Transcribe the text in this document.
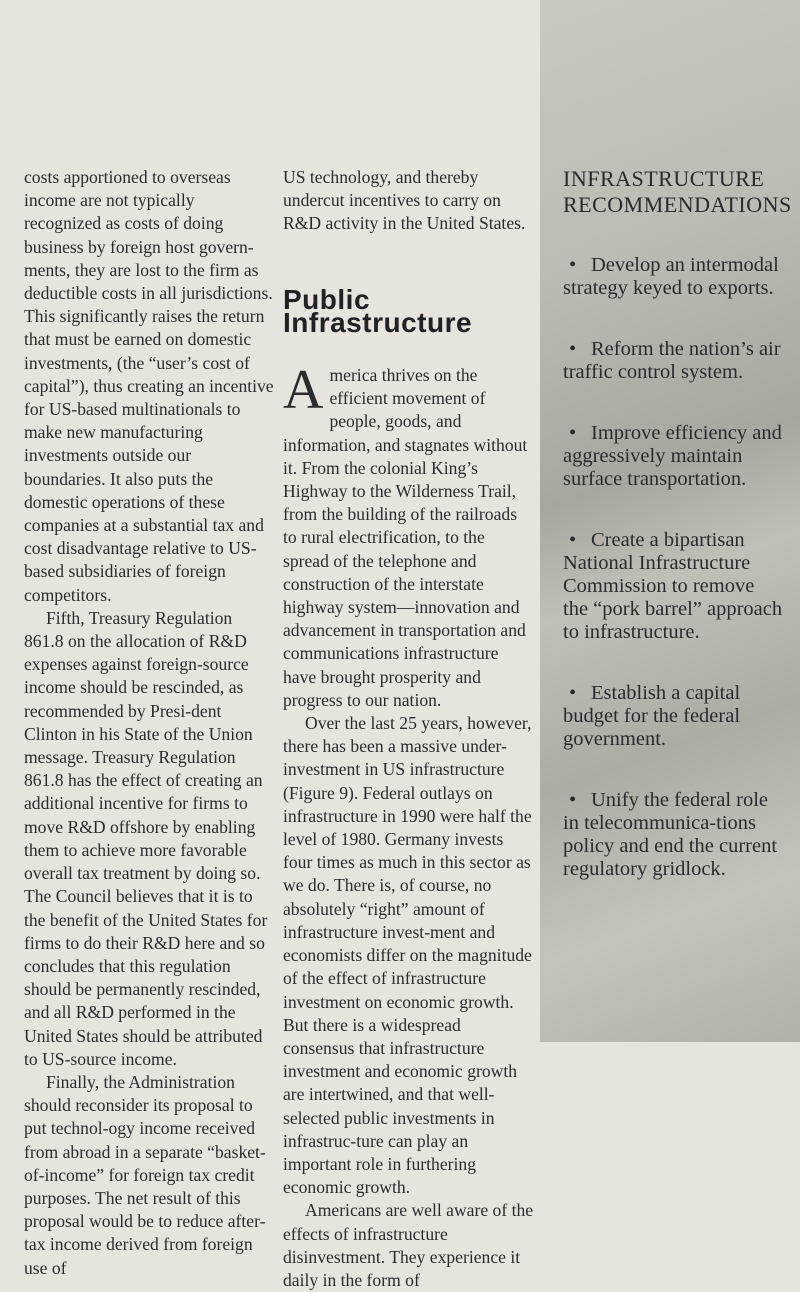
costs apportioned to overseas income are not typically recognized as costs of doing business by foreign host govern-ments, they are lost to the firm as deductible costs in all jurisdictions. This significantly raises the return that must be earned on domestic investments, (the “user’s cost of capital”), thus creating an incentive for US-based multinationals to make new manufacturing investments outside our boundaries. It also puts the domestic operations of these companies at a substantial tax and cost disadvantage relative to US-based subsidiaries of foreign competitors.

Fifth, Treasury Regulation 861.8 on the allocation of R&D expenses against foreign-source income should be rescinded, as recommended by Presi-dent Clinton in his State of the Union message. Treasury Regulation 861.8 has the effect of creating an additional incentive for firms to move R&D offshore by enabling them to achieve more favorable overall tax treatment by doing so. The Council believes that it is to the benefit of the United States for firms to do their R&D here and so concludes that this regulation should be permanently rescinded, and all R&D performed in the United States should be attributed to US-source income.

Finally, the Administration should reconsider its proposal to put technol-ogy income received from abroad in a separate “basket-of-income” for foreign tax credit purposes. The net result of this proposal would be to reduce after-tax income derived from foreign use of

US technology, and thereby undercut incentives to carry on R&D activity in the United States.

Public Infrastructure

America thrives on the efficient movement of people, goods, and information, and stagnates without it. From the colonial King’s Highway to the Wilderness Trail, from the building of the railroads to rural electrification, to the spread of the telephone and construction of the interstate highway system—innovation and advancement in transportation and communications infrastructure have brought prosperity and progress to our nation.

Over the last 25 years, however, there has been a massive under-investment in US infrastructure (Figure 9). Federal outlays on infrastructure in 1990 were half the level of 1980. Germany invests four times as much in this sector as we do. There is, of course, no absolutely “right” amount of infrastructure invest-ment and economists differ on the magnitude of the effect of infrastructure investment on economic growth. But there is a widespread consensus that infrastructure investment and economic growth are intertwined, and that well-selected public investments in infrastruc-ture can play an important role in furthering economic growth.

Americans are well aware of the effects of infrastructure disinvestment. They experience it daily in the form of

INFRASTRUCTURE
RECOMMENDATIONS
• Develop an intermodal strategy keyed to exports.
• Reform the nation’s air traffic control system.
• Improve efficiency and aggressively maintain surface transportation.
• Create a bipartisan National Infrastructure Commission to remove the “pork barrel” approach to infrastructure.
• Establish a capital budget for the federal government.
• Unify the federal role in telecommunica-tions policy and end the current regulatory gridlock.
